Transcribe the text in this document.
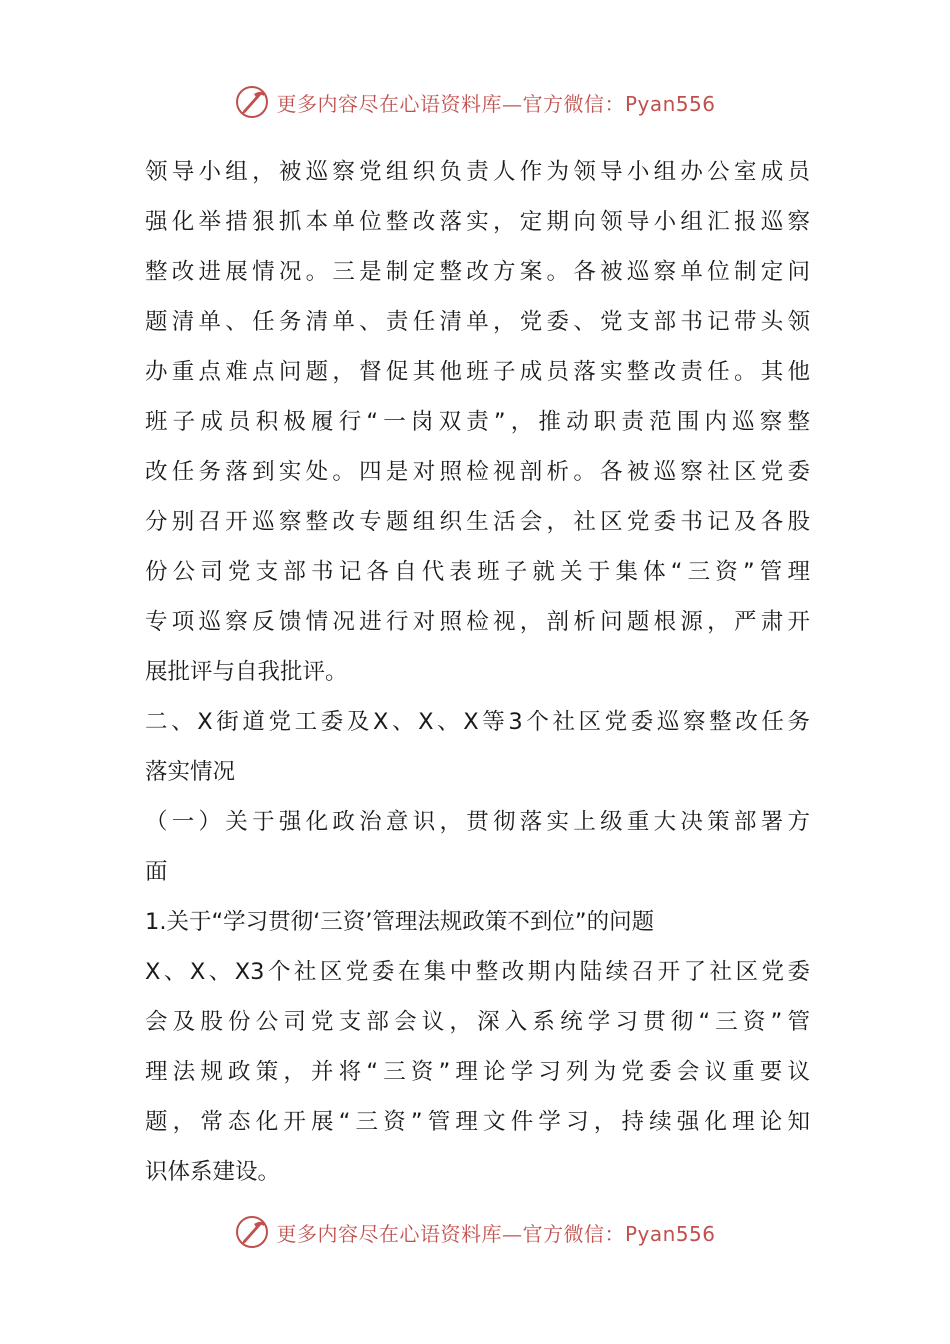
更多内容尽在心语资料库—官方微信：Pyan556
领导小组，被巡察党组织负责人作为领导小组办公室成员
强化举措狠抓本单位整改落实，定期向领导小组汇报巡察
整改进展情况。三是制定整改方案。各被巡察单位制定问
题清单、任务清单、责任清单，党委、党支部书记带头领
办重点难点问题，督促其他班子成员落实整改责任。其他
班子成员积极履行“一岗双责”，推动职责范围内巡察整
改任务落到实处。四是对照检视剖析。各被巡察社区党委
分别召开巡察整改专题组织生活会，社区党委书记及各股
份公司党支部书记各自代表班子就关于集体“三资”管理
专项巡察反馈情况进行对照检视，剖析问题根源，严肃开
展批评与自我批评。
二、X街道党工委及X、X、X等3个社区党委巡察整改任务
落实情况
（一）关于强化政治意识，贯彻落实上级重大决策部署方
面
1.关于“学习贯彻‘三资’管理法规政策不到位”的问题
X、X、X3个社区党委在集中整改期内陆续召开了社区党委
会及股份公司党支部会议，深入系统学习贯彻“三资”管
理法规政策，并将“三资”理论学习列为党委会议重要议
题，常态化开展“三资”管理文件学习，持续强化理论知
识体系建设。
更多内容尽在心语资料库—官方微信：Pyan556
